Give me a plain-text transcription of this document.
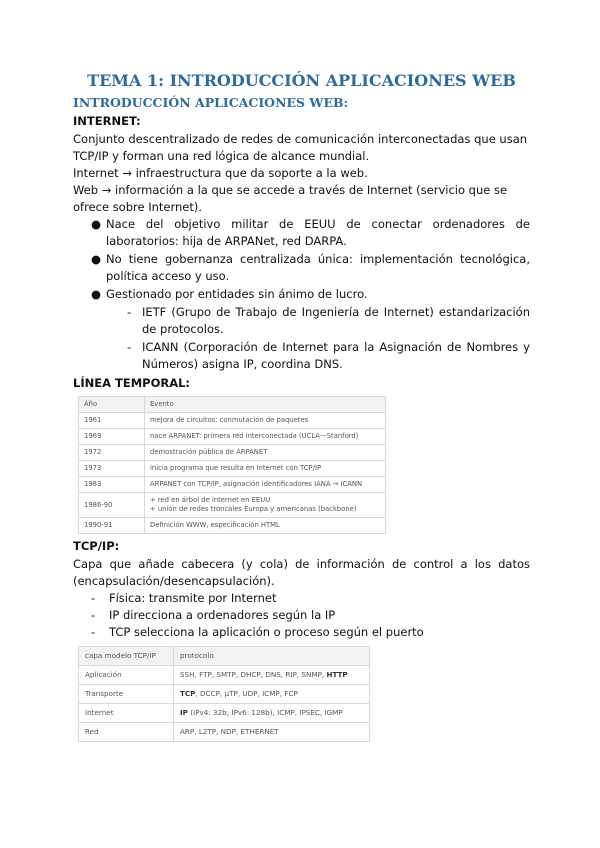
TEMA 1: INTRODUCCIÓN APLICACIONES WEB
INTRODUCCIÓN APLICACIONES WEB:
INTERNET:

Conjunto descentralizado de redes de comunicación interconectadas que usan TCP/IP y forman una red lógica de alcance mundial.

Internet → infraestructura que da soporte a la web.

Web → información a la que se accede a través de Internet (servicio que se ofrece sobre Internet).

● Nace del objetivo militar de EEUU de conectar ordenadores de laboratorios: hija de ARPANet, red DARPA.
● No tiene gobernanza centralizada única: implementación tecnológica, política acceso y uso.
● Gestionado por entidades sin ánimo de lucro.
- IETF (Grupo de Trabajo de Ingeniería de Internet) estandarización de protocolos.
- ICANN (Corporación de Internet para la Asignación de Nombres y Números) asigna IP, coordina DNS.
LÍNEA TEMPORAL:
Año	Evento
1961	mejora de circuitos: conmutación de paquetes
1969	nace ARPANET: primera red interconectada (UCLA—Stanford)
1972	demostración pública de ARPANET
1973	inicia programa que resulta en Internet con TCP/IP
1983	ARPANET con TCP/IP, asignación identificadores IANA → ICANN
1986-90	+ red en árbol de internet en EEUU
+ unión de redes troncales Europa y americanas (backbone)
1990-91	Definición WWW, especificación HTML
TCP/IP:

Capa que añade cabecera (y cola) de información de control a los datos (encapsulación/desencapsulación).

- Física: transmite por Internet
- IP direcciona a ordenadores según la IP
- TCP selecciona la aplicación o proceso según el puerto
capa modelo TCP/IP	protocolo
Aplicación	SSH, FTP, SMTP, DHCP, DNS, RIP, SNMP, HTTP
Transporte	TCP, DCCP, µTP, UDP, ICMP, FCP
Internet	IP (IPv4: 32b; IPv6: 128b), ICMP, IPSEC, IGMP
Red	ARP, L2TP, NDP, ETHERNET
